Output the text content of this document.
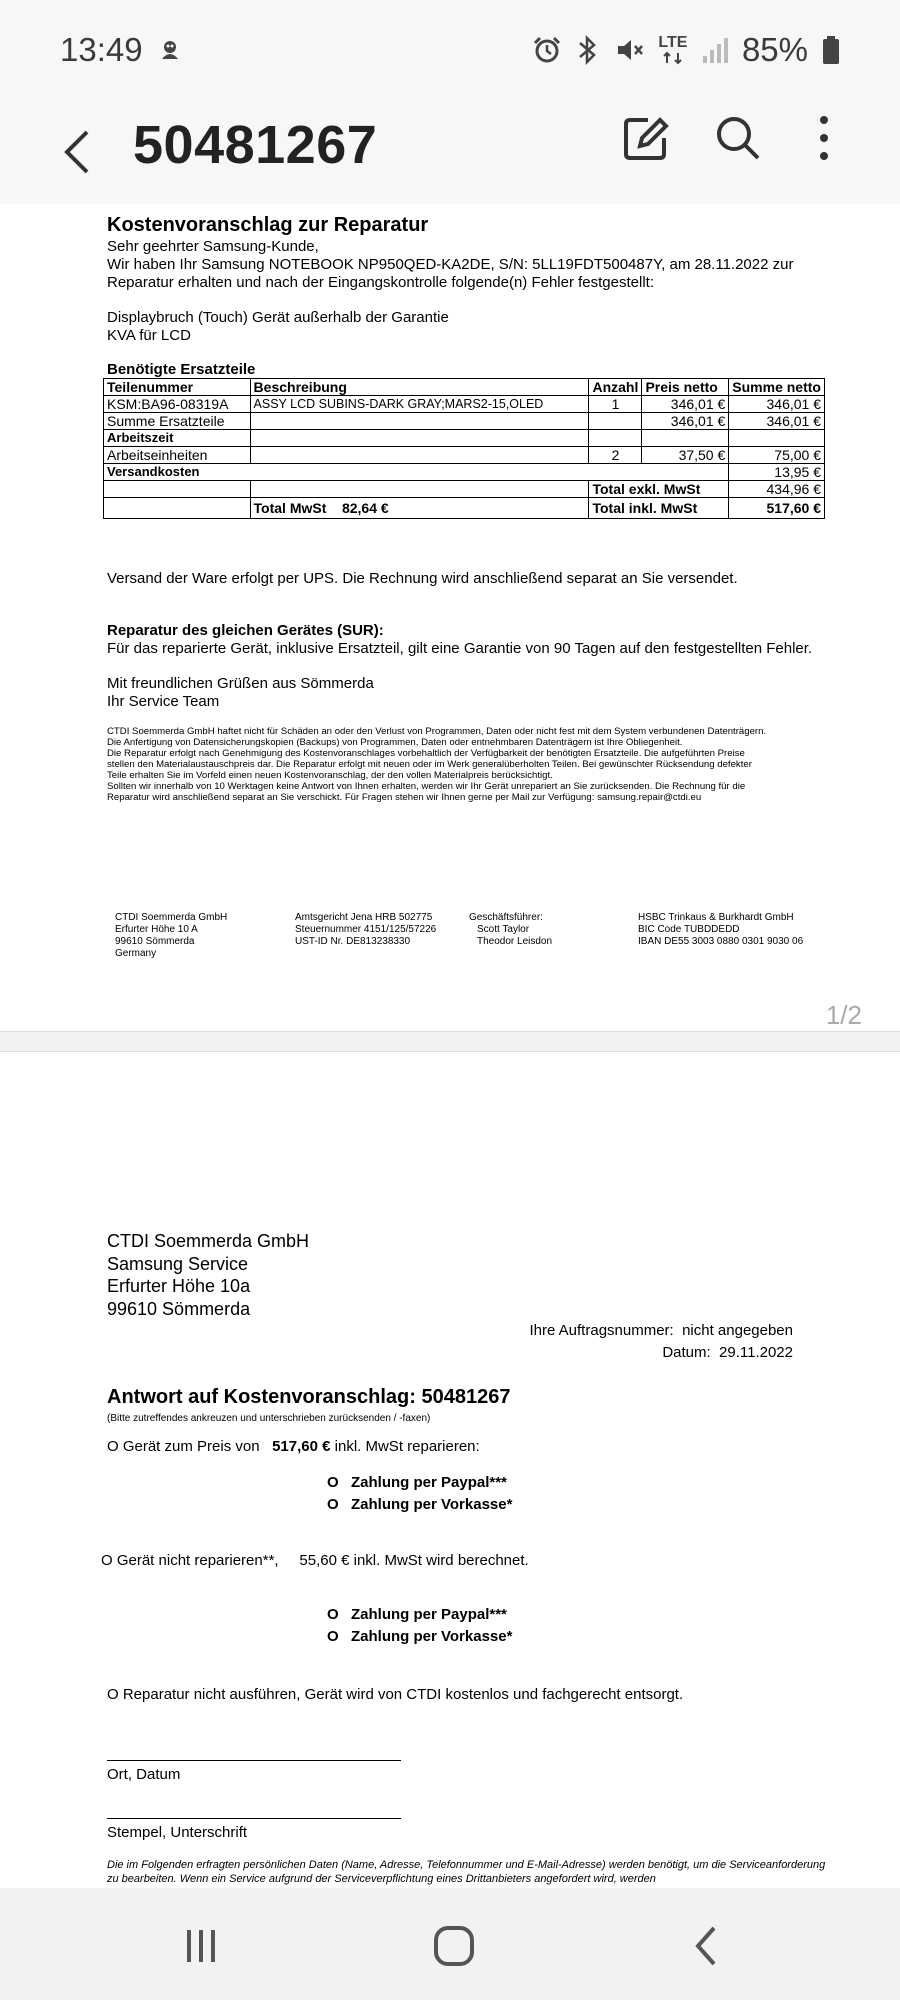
13:49	LTE 85%
50481267
Kostenvoranschlag zur Reparatur
Sehr geehrter Samsung-Kunde,
Wir haben Ihr Samsung NOTEBOOK NP950QED-KA2DE, S/N: 5LL19FDT500487Y, am 28.11.2022 zur
Reparatur erhalten und nach der Eingangskontrolle folgende(n) Fehler festgestellt:
Displaybruch (Touch) Gerät außerhalb der Garantie
KVA für LCD
Benötigte Ersatzteile
Teilenummer	Beschreibung	Anzahl	Preis netto	Summe netto
KSM:BA96-08319A	ASSY LCD SUBINS-DARK GRAY;MARS2-15,OLED	1	346,01 €	346,01 €
Summe Ersatzteile			346,01 €	346,01 €
Arbeitszeit				
Arbeitseinheiten		2	37,50 €	75,00 €
Versandkosten				13,95 €
		Total exkl. MwSt		434,96 €
	Total MwSt 82,64 €	Total inkl. MwSt		517,60 €
Versand der Ware erfolgt per UPS. Die Rechnung wird anschließend separat an Sie versendet.
Reparatur des gleichen Gerätes (SUR):
Für das reparierte Gerät, inklusive Ersatzteil, gilt eine Garantie von 90 Tagen auf den festgestellten Fehler.
Mit freundlichen Grüßen aus Sömmerda
Ihr Service Team
CTDI Soemmerda GmbH haftet nicht für Schäden an oder den Verlust von Programmen, Daten oder nicht fest mit dem System verbundenen Datenträgern.
Die Anfertigung von Datensicherungskopien (Backups) von Programmen, Daten oder entnehmbaren Datenträgern ist Ihre Obliegenheit.
Die Reparatur erfolgt nach Genehmigung des Kostenvoranschlages vorbehaltlich der Verfügbarkeit der benötigten Ersatzteile. Die aufgeführten Preise
stellen den Materialaustauschpreis dar. Die Reparatur erfolgt mit neuen oder im Werk generalüberholten Teilen. Bei gewünschter Rücksendung defekter
Teile erhalten Sie im Vorfeld einen neuen Kostenvoranschlag, der den vollen Materialpreis berücksichtigt.
Sollten wir innerhalb von 10 Werktagen keine Antwort von Ihnen erhalten, werden wir Ihr Gerät unrepariert an Sie zurücksenden. Die Rechnung für die
Reparatur wird anschließend separat an Sie verschickt. Für Fragen stehen wir Ihnen gerne per Mail zur Verfügung: samsung.repair@ctdi.eu
CTDI Soemmerda GmbH
Erfurter Höhe 10 A
99610 Sömmerda
Germany
Amtsgericht Jena HRB 502775
Steuernummer 4151/125/57226
UST-ID Nr. DE813238330
Geschäftsführer:
Scott Taylor
Theodor Leisdon
HSBC Trinkaus & Burkhardt GmbH
BIC Code TUBDDEDD
IBAN DE55 3003 0880 0301 9030 06
1/2
CTDI Soemmerda GmbH
Samsung Service
Erfurter Höhe 10a
99610 Sömmerda
Ihre Auftragsnummer: nicht angegeben
Datum: 29.11.2022
Antwort auf Kostenvoranschlag: 50481267
(Bitte zutreffendes ankreuzen und unterschrieben zurücksenden / -faxen)
O Gerät zum Preis von 517,60 € inkl. MwSt reparieren:
O Zahlung per Paypal***
O Zahlung per Vorkasse*
O Gerät nicht reparieren**,     55,60 € inkl. MwSt wird berechnet.
O Zahlung per Paypal***
O Zahlung per Vorkasse*
O Reparatur nicht ausführen, Gerät wird von CTDI kostenlos und fachgerecht entsorgt.
Ort, Datum
Stempel, Unterschrift
Die im Folgenden erfragten persönlichen Daten (Name, Adresse, Telefonnummer und E-Mail-Adresse) werden benötigt, um die Serviceanforderung zu bearbeiten. Wenn ein Service aufgrund der Serviceverpflichtung eines Drittanbieters angefordert wird, werden
